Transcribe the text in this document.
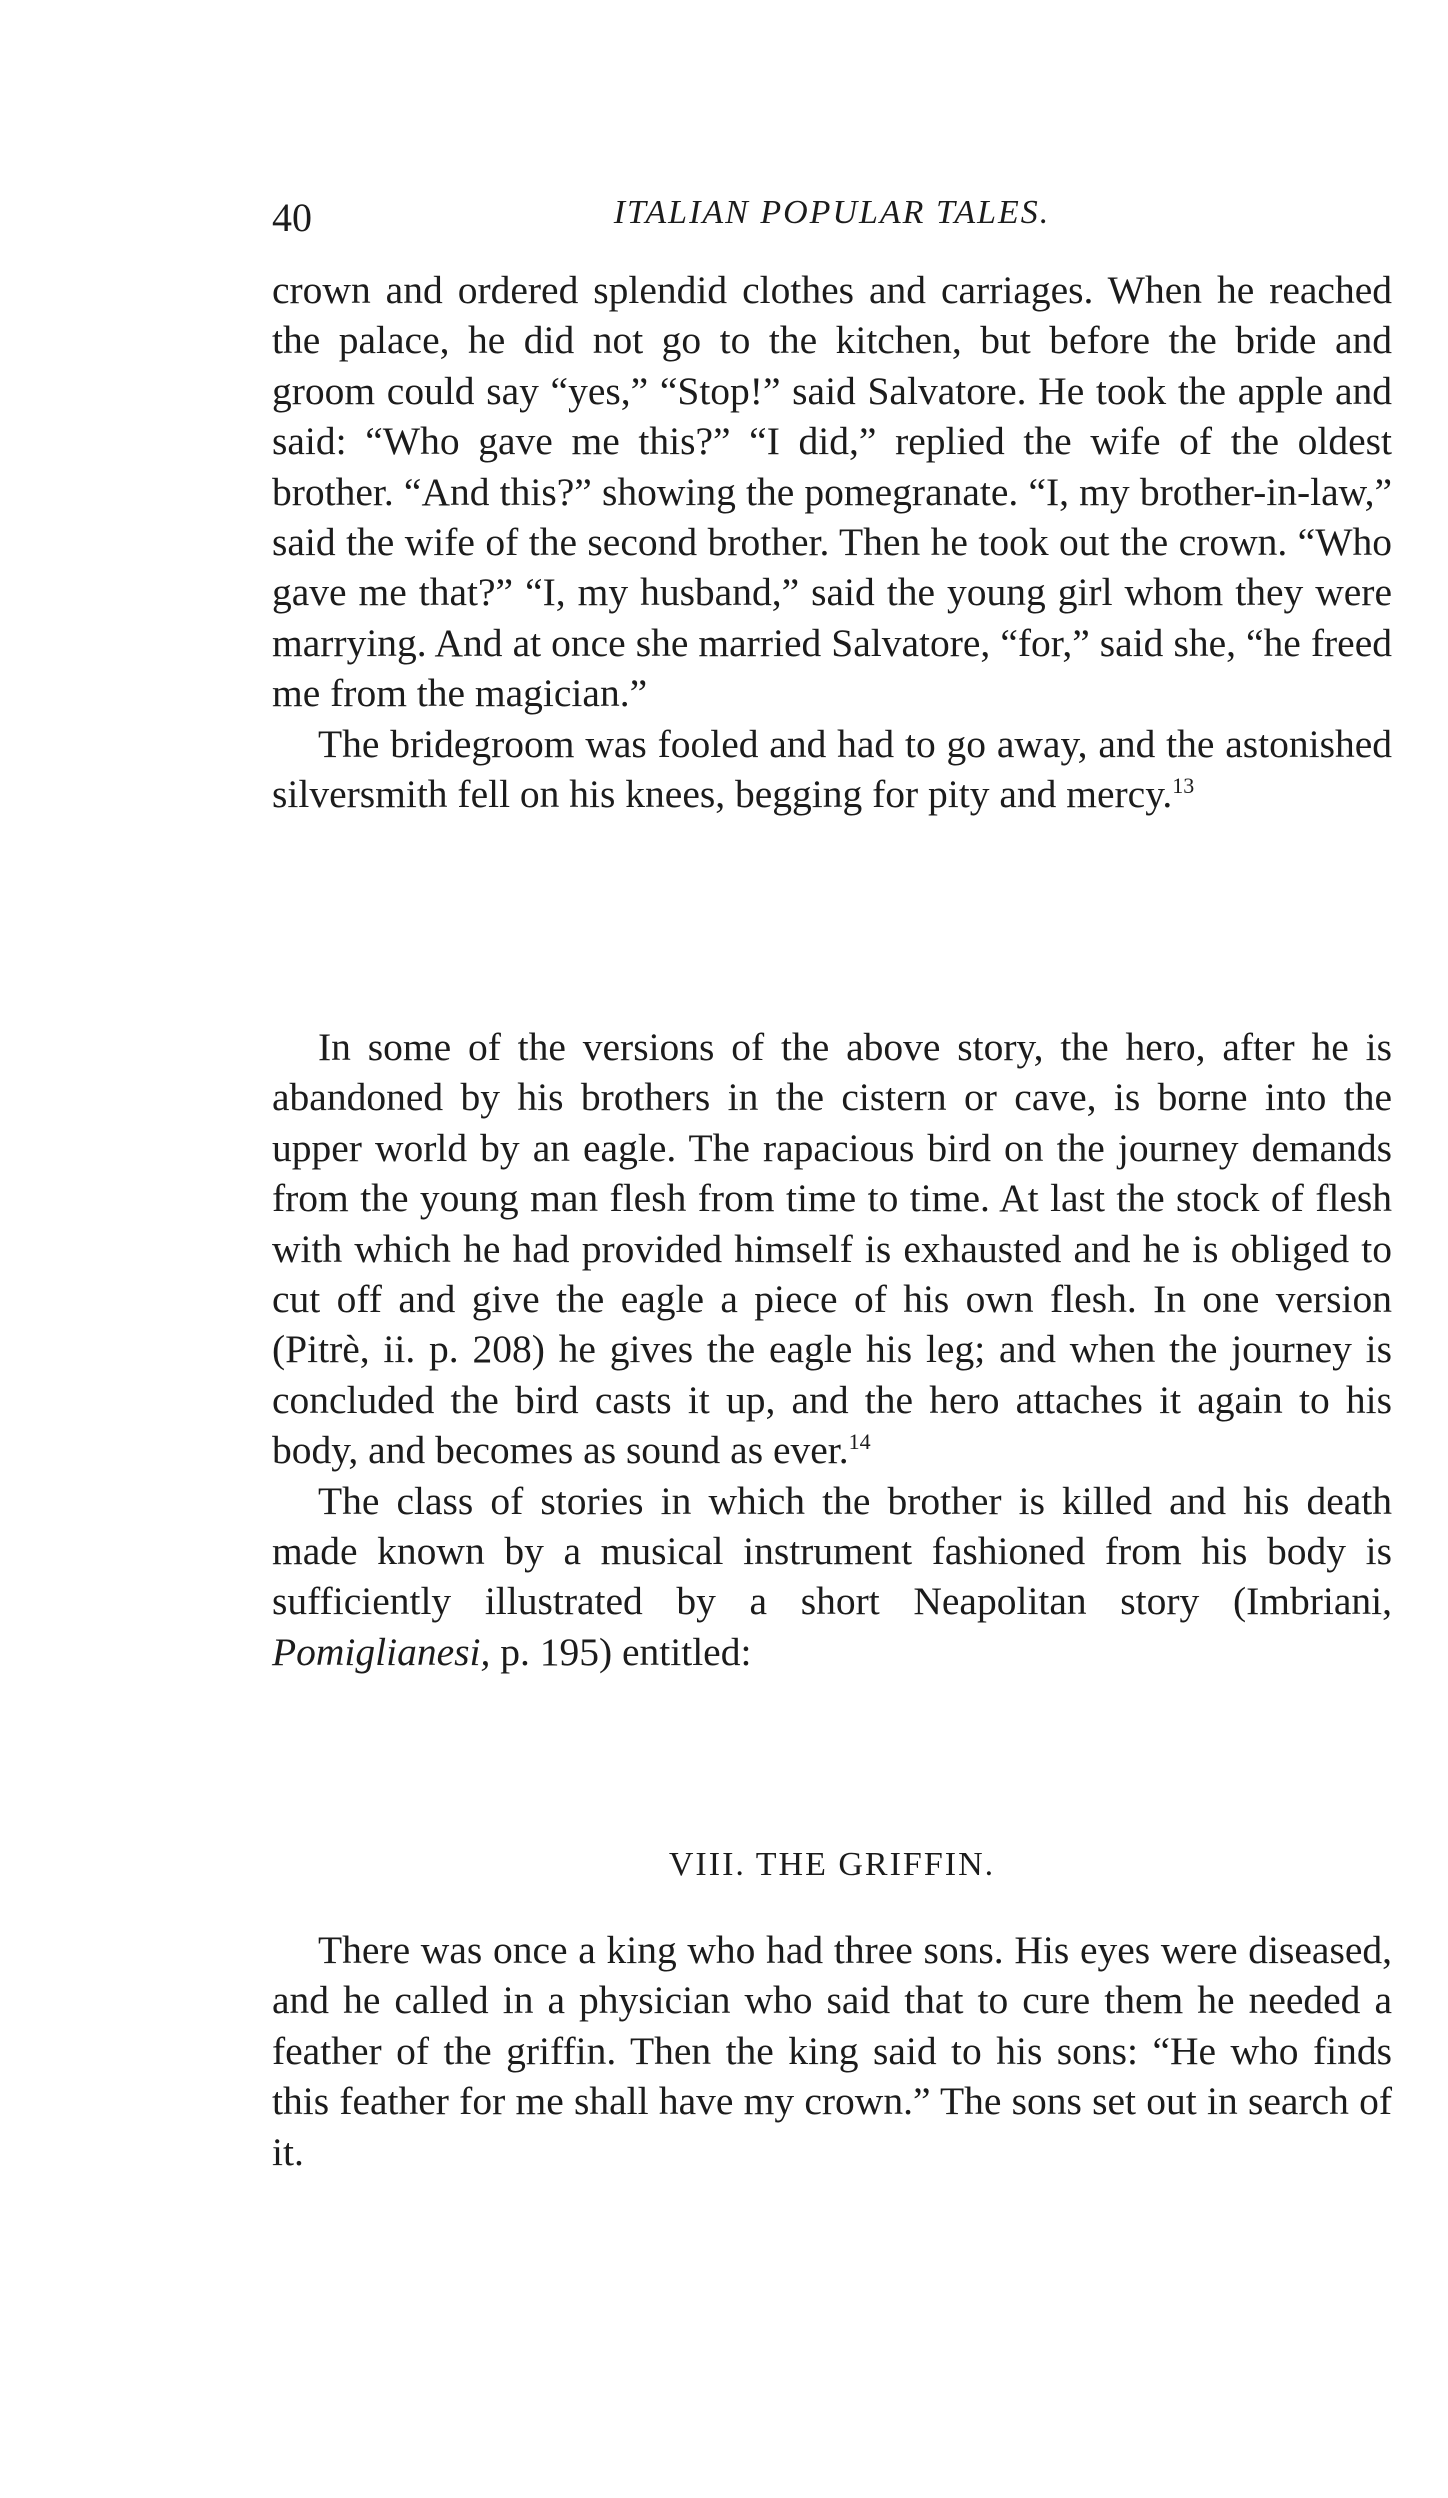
40	ITALIAN POPULAR TALES.

crown and ordered splendid clothes and carriages. When he reached the palace, he did not go to the kitchen, but before the bride and groom could say “yes,” “Stop!” said Salvatore. He took the apple and said: “Who gave me this?” “I did,” replied the wife of the oldest brother. “And this?” showing the pomegranate. “I, my brother-in-law,” said the wife of the second brother. Then he took out the crown. “Who gave me that?” “I, my husband,” said the young girl whom they were marrying. And at once she married Salvatore, “for,” said she, “he freed me from the magician.”

The bridegroom was fooled and had to go away, and the astonished silversmith fell on his knees, begging for pity and mercy.$^{13}$

In some of the versions of the above story, the hero, after he is abandoned by his brothers in the cistern or cave, is borne into the upper world by an eagle. The rapacious bird on the journey demands from the young man flesh from time to time. At last the stock of flesh with which he had provided himself is exhausted and he is obliged to cut off and give the eagle a piece of his own flesh. In one version (Pitrè, ii. p. 208) he gives the eagle his leg; and when the journey is concluded the bird casts it up, and the hero attaches it again to his body, and becomes as sound as ever.$^{14}$

The class of stories in which the brother is killed and his death made known by a musical instrument fashioned from his body is sufficiently illustrated by a short Neapolitan story (Imbriani, Pomiglianesi, p. 195) entitled:

VIII. THE GRIFFIN.

There was once a king who had three sons. His eyes were diseased, and he called in a physician who said that to cure them he needed a feather of the griffin. Then the king said to his sons: “He who finds this feather for me shall have my crown.” The sons set out in search of it.
